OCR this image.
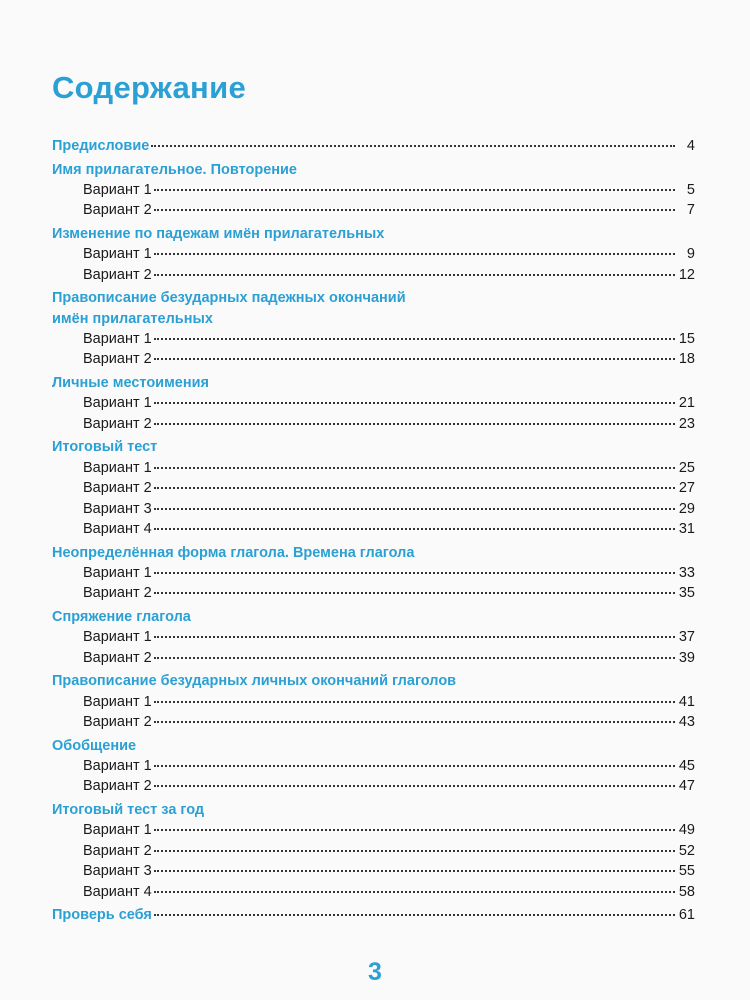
Содержание
Предисловие	4
Имя прилагательное. Повторение
Вариант 1	5
Вариант 2	7
Изменение по падежам имён прилагательных
Вариант 1	9
Вариант 2	12
Правописание безударных падежных окончаний
имён прилагательных
Вариант 1	15
Вариант 2	18
Личные местоимения
Вариант 1	21
Вариант 2	23
Итоговый тест
Вариант 1	25
Вариант 2	27
Вариант 3	29
Вариант 4	31
Неопределённая форма глагола. Времена глагола
Вариант 1	33
Вариант 2	35
Спряжение глагола
Вариант 1	37
Вариант 2	39
Правописание безударных личных окончаний глаголов
Вариант 1	41
Вариант 2	43
Обобщение
Вариант 1	45
Вариант 2	47
Итоговый тест за год
Вариант 1	49
Вариант 2	52
Вариант 3	55
Вариант 4	58
Проверь себя	61
3
